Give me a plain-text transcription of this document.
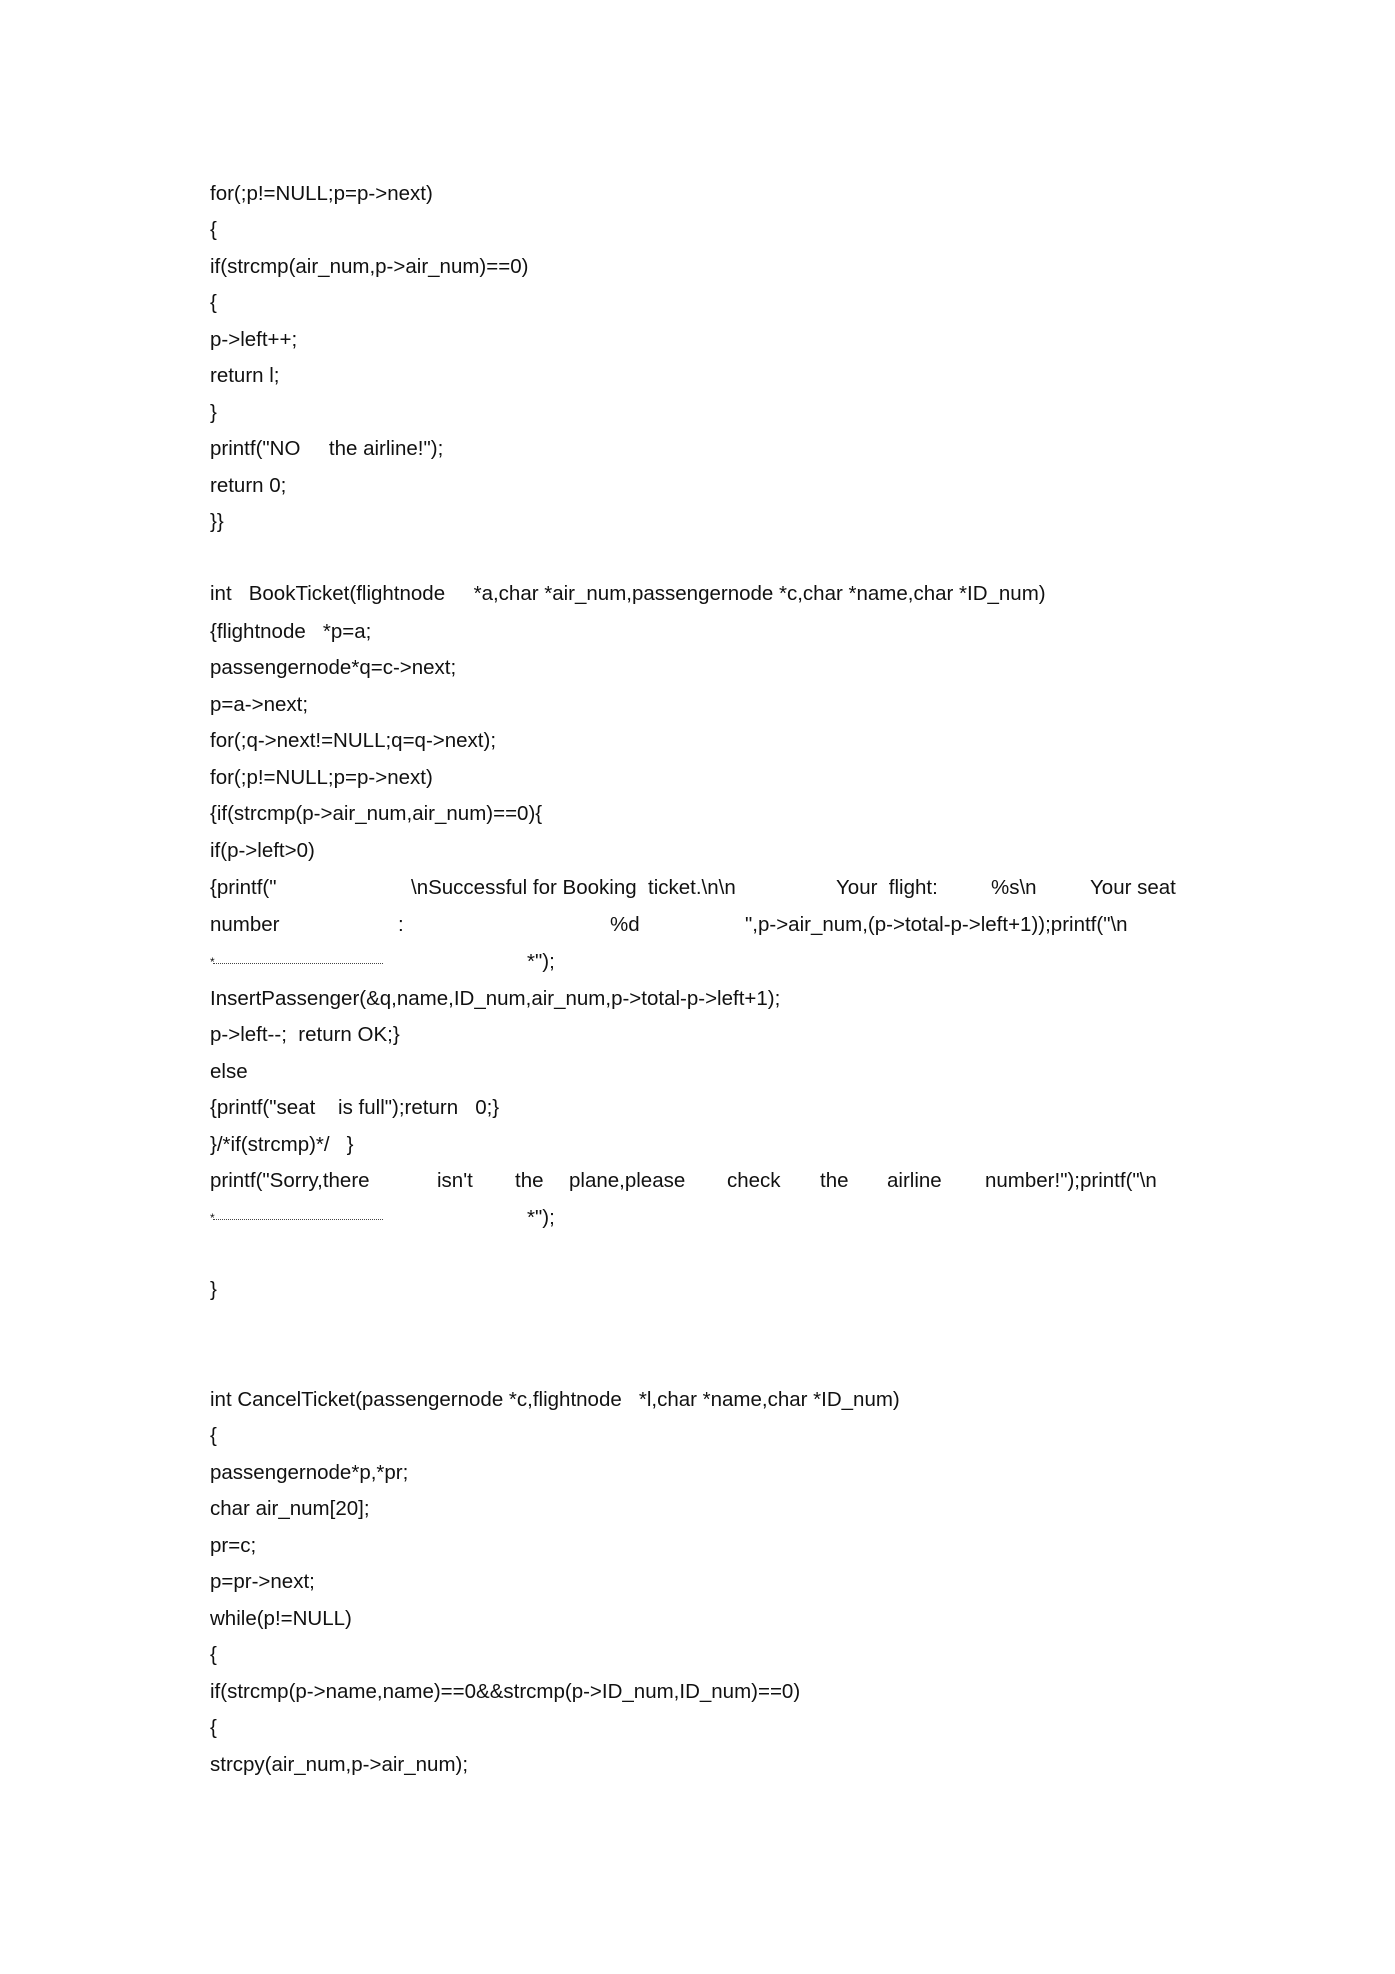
for(;p!=NULL;p=p->next)

{

if(strcmp(air_num,p->air_num)==0)

{

p->left++;

return l;

}

printf("NO     the airline!");

return 0;

}}

int   BookTicket(flightnode     *a,char *air_num,passengernode *c,char *name,char *ID_num)

{flightnode   *p=a;

passengernode*q=c->next;

p=a->next;

for(;q->next!=NULL;q=q->next);

for(;p!=NULL;p=p->next)

{if(strcmp(p->air_num,air_num)==0){

if(p->left>0)

{printf("	\nSuccessful for Booking  ticket.\n\n	Your  flight:	%s\n	Your seat
number	:	%d	",p->air_num,(p->total-p->left+1));printf("\n
*	*");

InsertPassenger(&q,name,ID_num,air_num,p->total-p->left+1);

p->left--;  return OK;}

else

{printf("seat    is full");return   0;}

}/*if(strcmp)*/   }

printf("Sorry,there	isn't the plane,please check the airline number!");printf("\n
*	*");

}

int CancelTicket(passengernode *c,flightnode   *l,char *name,char *ID_num)

{

passengernode*p,*pr;

char air_num[20];

pr=c;

p=pr->next;

while(p!=NULL)

{

if(strcmp(p->name,name)==0&&strcmp(p->ID_num,ID_num)==0)

{

strcpy(air_num,p->air_num);
